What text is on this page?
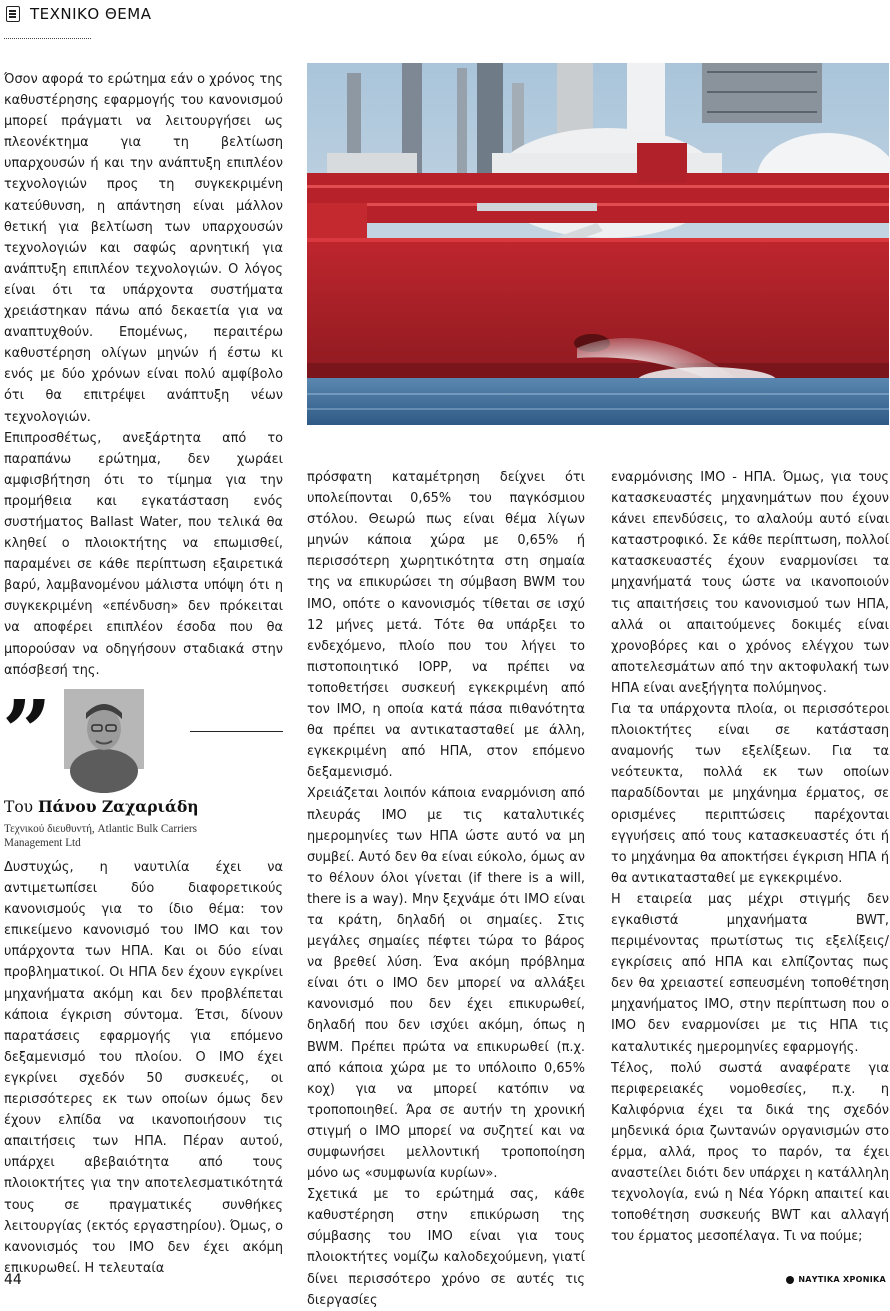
ΤΕΧΝΙΚΟ ΘΕΜΑ

Όσον αφορά το ερώτημα εάν ο χρόνος της καθυστέρησης εφαρμογής του κανονισμού μπορεί πράγματι να λειτουργήσει ως πλεονέκτημα για τη βελτίωση υπαρχουσών ή και την ανάπτυξη επιπλέον τεχνολογιών προς τη συγκεκριμένη κατεύθυνση, η απάντηση είναι μάλλον θετική για βελτίωση των υπαρχουσών τεχνολογιών και σαφώς αρνητική για ανάπτυξη επιπλέον τεχνολογιών. Ο λόγος είναι ότι τα υπάρχοντα συστήματα χρειάστηκαν πάνω από δεκαετία για να αναπτυχθούν. Επομένως, περαιτέρω καθυστέρηση ολίγων μηνών ή έστω κι ενός με δύο χρόνων είναι πολύ αμφίβολο ότι θα επιτρέψει ανάπτυξη νέων τεχνολογιών.

Επιπροσθέτως, ανεξάρτητα από το παραπάνω ερώτημα, δεν χωράει αμφισβήτηση ότι το τίμημα για την προμήθεια και εγκατάσταση ενός συστήματος Ballast Water, που τελικά θα κληθεί ο πλοιοκτήτης να επωμισθεί, παραμένει σε κάθε περίπτωση εξαιρετικά βαρύ, λαμβανομένου μάλιστα υπόψη ότι η συγκεκριμένη «επένδυση» δεν πρόκειται να αποφέρει επιπλέον έσοδα που θα μπορούσαν να οδηγήσουν σταδιακά στην απόσβεσή της.

”
Του Πάνου Ζαχαριάδη
Τεχνικού διευθυντή, Atlantic Bulk Carriers Management Ltd

Δυστυχώς, η ναυτιλία έχει να αντιμετωπίσει δύο διαφορετικούς κανονισμούς για το ίδιο θέμα: τον επικείμενο κανονισμό του IMO και τον υπάρχοντα των ΗΠΑ. Και οι δύο είναι προβληματικοί. Οι ΗΠΑ δεν έχουν εγκρίνει μηχανήματα ακόμη και δεν προβλέπεται κάποια έγκριση σύντομα. Έτσι, δίνουν παρατάσεις εφαρμογής για επόμενο δεξαμενισμό του πλοίου. Ο IMO έχει εγκρίνει σχεδόν 50 συσκευές, οι περισσότερες εκ των οποίων όμως δεν έχουν ελπίδα να ικανοποιήσουν τις απαιτήσεις των ΗΠΑ. Πέραν αυτού, υπάρχει αβεβαιότητα από τους πλοιοκτήτες για την αποτελεσματικότητά τους σε πραγματικές συνθήκες λειτουργίας (εκτός εργαστηρίου). Όμως, ο κανονισμός του IMO δεν έχει ακόμη επικυρωθεί. Η τελευταία

πρόσφατη καταμέτρηση δείχνει ότι υπολείπονται 0,65% του παγκόσμιου στόλου. Θεωρώ πως είναι θέμα λίγων μηνών κάποια χώρα με 0,65% ή περισσότερη χωρητικότητα στη σημαία της να επικυρώσει τη σύμβαση BWM του IMO, οπότε ο κανονισμός τίθεται σε ισχύ 12 μήνες μετά. Τότε θα υπάρξει το ενδεχόμενο, πλοίο που του λήγει το πιστοποιητικό IOPP, να πρέπει να τοποθετήσει συσκευή εγκεκριμένη από τον IMO, η οποία κατά πάσα πιθανότητα θα πρέπει να αντικατασταθεί με άλλη, εγκεκριμένη από ΗΠΑ, στον επόμενο δεξαμενισμό.

Χρειάζεται λοιπόν κάποια εναρμόνιση από πλευράς IMO με τις καταλυτικές ημερομηνίες των ΗΠΑ ώστε αυτό να μη συμβεί. Αυτό δεν θα είναι εύκολο, όμως αν το θέλουν όλοι γίνεται (if there is a will, there is a way). Μην ξεχνάμε ότι IMO είναι τα κράτη, δηλαδή οι σημαίες. Στις μεγάλες σημαίες πέφτει τώρα το βάρος να βρεθεί λύση. Ένα ακόμη πρόβλημα είναι ότι ο IMO δεν μπορεί να αλλάξει κανονισμό που δεν έχει επικυρωθεί, δηλαδή που δεν ισχύει ακόμη, όπως η BWM. Πρέπει πρώτα να επικυρωθεί (π.χ. από κάποια χώρα με το υπόλοιπο 0,65% κοχ) για να μπορεί κατόπιν να τροποποιηθεί. Άρα σε αυτήν τη χρονική στιγμή ο IMO μπορεί να συζητεί και να συμφωνήσει μελλοντική τροποποίηση μόνο ως «συμφωνία κυρίων».

Σχετικά με το ερώτημά σας, κάθε καθυστέρηση στην επικύρωση της σύμβασης του IMO είναι για τους πλοιοκτήτες νομίζω καλοδεχούμενη, γιατί δίνει περισσότερο χρόνο σε αυτές τις διεργασίες

εναρμόνισης IMO - ΗΠΑ. Όμως, για τους κατασκευαστές μηχανημάτων που έχουν κάνει επενδύσεις, το αλαλούμ αυτό είναι καταστροφικό. Σε κάθε περίπτωση, πολλοί κατασκευαστές έχουν εναρμονίσει τα μηχανήματά τους ώστε να ικανοποιούν τις απαιτήσεις του κανονισμού των ΗΠΑ, αλλά οι απαιτούμενες δοκιμές είναι χρονοβόρες και ο χρόνος ελέγχου των αποτελεσμάτων από την ακτοφυλακή των ΗΠΑ είναι ανεξήγητα πολύμηνος.

Για τα υπάρχοντα πλοία, οι περισσότεροι πλοιοκτήτες είναι σε κατάσταση αναμονής των εξελίξεων. Για τα νεότευκτα, πολλά εκ των οποίων παραδίδονται με μηχάνημα έρματος, σε ορισμένες περιπτώσεις παρέχονται εγγυήσεις από τους κατασκευαστές ότι ή το μηχάνημα θα αποκτήσει έγκριση ΗΠΑ ή θα αντικατασταθεί με εγκεκριμένο.

Η εταιρεία μας μέχρι στιγμής δεν εγκαθιστά μηχανήματα BWT, περιμένοντας πρωτίστως τις εξελίξεις/εγκρίσεις από ΗΠΑ και ελπίζοντας πως δεν θα χρειαστεί εσπευσμένη τοποθέτηση μηχανήματος IMO, στην περίπτωση που ο IMO δεν εναρμονίσει με τις ΗΠΑ τις καταλυτικές ημερομηνίες εφαρμογής.

Τέλος, πολύ σωστά αναφέρατε για περιφερειακές νομοθεσίες, π.χ. η Καλιφόρνια έχει τα δικά της σχεδόν μηδενικά όρια ζωντανών οργανισμών στο έρμα, αλλά, προς το παρόν, τα έχει αναστείλει διότι δεν υπάρχει η κατάλληλη τεχνολογία, ενώ η Νέα Υόρκη απαιτεί και τοποθέτηση συσκευής BWT και αλλαγή του έρματος μεσοπέλαγα. Τι να πούμε;

44	ΝΑΥΤΙΚΑ ΧΡΟΝΙΚΑ
